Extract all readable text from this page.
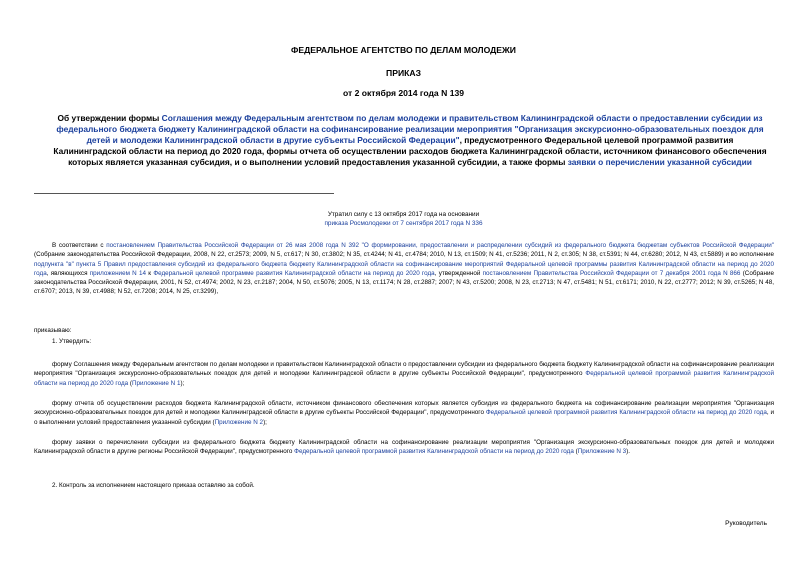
ФЕДЕРАЛЬНОЕ АГЕНТСТВО ПО ДЕЛАМ МОЛОДЕЖИ
ПРИКАЗ
от 2 октября 2014 года N 139
Об утверждении формы Соглашения между Федеральным агентством по делам молодежи и правительством Калининградской области о предоставлении субсидии из федерального бюджета бюджету Калининградской области на софинансирование реализации мероприятия "Организация экскурсионно-образовательных поездок для детей и молодежи Калининградской области в другие субъекты Российской Федерации", предусмотренного Федеральной целевой программой развития Калининградской области на период до 2020 года, формы отчета об осуществлении расходов бюджета Калининградской области, источником финансового обеспечения которых является указанная субсидия, и о выполнении условий предоставления указанной субсидии, а также формы заявки о перечислении указанной субсидии
Утратил силу с 13 октября 2017 года на основании
приказа Росмолодежи от 7 сентября 2017 года N 336
В соответствии с постановлением Правительства Российской Федерации от 26 мая 2008 года N 392 "О формировании, предоставлении и распределении субсидий из федерального бюджета бюджетам субъектов Российской Федерации" (Собрание законодательства Российской Федерации, 2008, N 22, ст.2573; 2009, N 5, ст.617; N 30, ст.3802; N 35, ст.4244; N 41, ст.4784; 2010, N 13, ст.1509; N 41, ст.5236; 2011, N 2, ст.305; N 38, ст.5391; N 44, ст.6280; 2012, N 43, ст.5889) и во исполнение подпункта "в" пункта 5 Правил предоставления субсидий из федерального бюджета бюджету Калининградской области на софинансирование мероприятий Федеральной целевой программы развития Калининградской области на период до 2020 года, являющихся приложением N 14 к Федеральной целевой программе развития Калининградской области на период до 2020 года, утвержденной постановлением Правительства Российской Федерации от 7 декабря 2001 года N 866 (Собрание законодательства Российской Федерации, 2001, N 52, ст.4974; 2002, N 23, ст.2187; 2004, N 50, ст.5076; 2005, N 13, ст.1174; N 28, ст.2887; 2007; N 43, ст.5200; 2008, N 23, ст.2713; N 47, ст.5481; N 51, ст.6171; 2010, N 22, ст.2777; 2012; N 39, ст.5265; N 48, ст.6707; 2013, N 39, ст.4988; N 52, ст.7208; 2014, N 25, ст.3299),
приказываю:
1. Утвердить:
форму Соглашения между Федеральным агентством по делам молодежи и правительством Калининградской области о предоставлении субсидии из федерального бюджета бюджету Калининградской области на софинансирование реализации мероприятия "Организация экскурсионно-образовательных поездок для детей и молодежи Калининградской области в другие субъекты Российской Федерации", предусмотренного Федеральной целевой программой развития Калининградской области на период до 2020 года (Приложение N 1);
форму отчета об осуществлении расходов бюджета Калининградской области, источником финансового обеспечения которых является субсидия из федерального бюджета на софинансирование реализации мероприятия "Организация экскурсионно-образовательных поездок для детей и молодежи Калининградской области в другие субъекты Российской Федерации", предусмотренного Федеральной целевой программой развития Калининградской области на период до 2020 года, и о выполнении условий предоставления указанной субсидии (Приложение N 2);
форму заявки о перечислении субсидии из федерального бюджета бюджету Калининградской области на софинансирование реализации мероприятия "Организация экскурсионно-образовательных поездок для детей и молодежи Калининградской области в другие регионы Российской Федерации", предусмотренного Федеральной целевой программой развития Калининградской области на период до 2020 года (Приложение N 3).
2. Контроль за исполнением настоящего приказа оставляю за собой.
Руководитель
